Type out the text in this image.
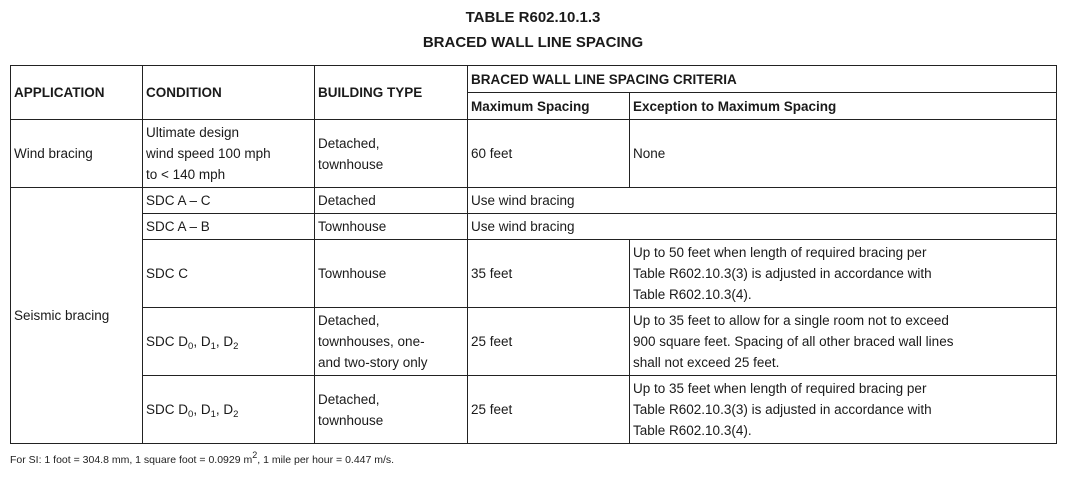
TABLE R602.10.1.3
BRACED WALL LINE SPACING
APPLICATION	CONDITION	BUILDING TYPE	BRACED WALL LINE SPACING CRITERIA	
			Maximum Spacing	Exception to Maximum Spacing
Wind bracing	Ultimate design
wind speed 100 mph
to < 140 mph	Detached,
townhouse	60 feet	None
Seismic bracing	SDC A – C	Detached	Use wind bracing	
	SDC A – B	Townhouse	Use wind bracing	
	SDC C	Townhouse	35 feet	Up to 50 feet when length of required bracing per
Table R602.10.3(3) is adjusted in accordance with
Table R602.10.3(4).
	SDC $D_0$, $D_1$, $D_2$	Detached,
townhouses, one-
and two-story only	25 feet	Up to 35 feet to allow for a single room not to exceed
900 square feet. Spacing of all other braced wall lines
shall not exceed 25 feet.
	SDC $D_0$, $D_1$, $D_2$	Detached,
townhouse	25 feet	Up to 35 feet when length of required bracing per
Table R602.10.3(3) is adjusted in accordance with
Table R602.10.3(4).
For SI: 1 foot = 304.8 mm, 1 square foot = 0.0929 m2, 1 mile per hour = 0.447 m/s.
